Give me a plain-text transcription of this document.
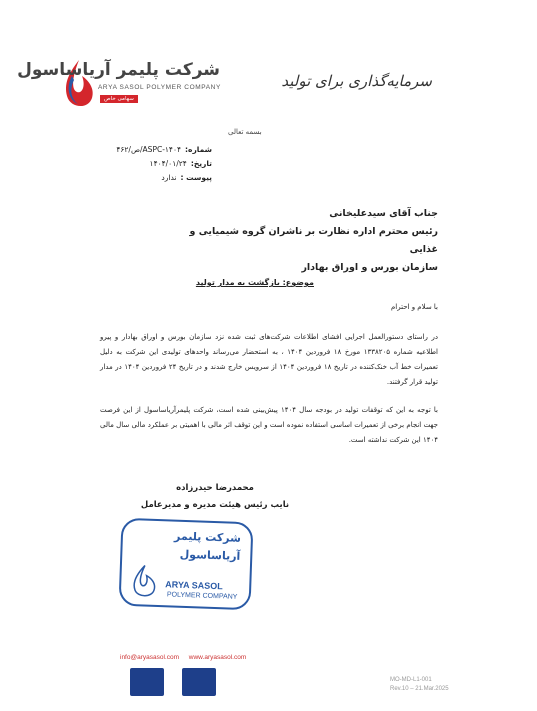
شرکت پلیمر آریاساسول
ARYA SASOL POLYMER COMPANY
سهامی خاص
سرمایه‌گذاری برای تولید
بسمه تعالی
شماره:
ASPC-۱۴۰۴/ص/۴۶۲
تاریخ:
۱۴۰۴/۰۱/۲۴
پیوست :
ندارد
جناب آقای سیدعلیخانی
رئیس محترم اداره نظارت بر ناشران گروه شیمیایی و غذایی
سازمان بورس و اوراق بهادار
موضوع: بازگشت به مدار تولید
با سلام و احترام

در راستای دستورالعمل اجرایی افشای اطلاعات شرکت‌های ثبت شده نزد سازمان بورس و اوراق بهادار و پیرو اطلاعیه شماره ۱۳۳۸۲۰۵ مورخ ۱۸ فروردین ۱۴۰۴ ، به استحضار می‌رساند واحدهای تولیدی این شرکت به دلیل تعمیرات خط آب خنک‌کننده در تاریخ ۱۸ فروردین ۱۴۰۴ از سرویس خارج شدند و در تاریخ ۲۴ فروردین ۱۴۰۴ در مدار تولید قرار گرفتند.

با توجه به این که توقفات تولید در بودجه سال ۱۴۰۴ پیش‌بینی شده است، شرکت پلیمرآریاساسول از این فرصت جهت انجام برخی از تعمیرات اساسی استفاده نموده است و این توقف اثر مالی با اهمیتی بر عملکرد مالی سال مالی ۱۴۰۴ این شرکت نداشته است.

محمدرضا حیدرزاده
نایب رئیس هیئت مدیره و مدیرعامل
شرکت پلیمر
آریاساسول
ARYA SASOL
POLYMER COMPANY
info@aryasasol.com www.aryasasol.com
MO-MD-L1-001
Rev.10 – 21.Mar.2025
